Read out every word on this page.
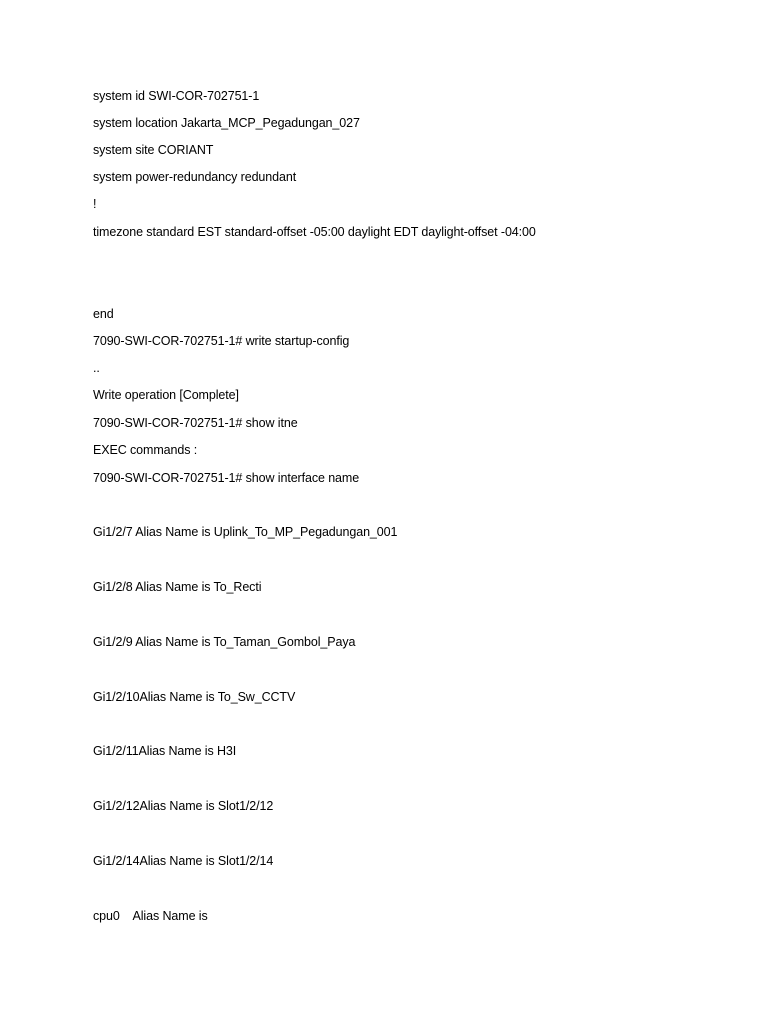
system id SWI-COR-702751-1
system location Jakarta_MCP_Pegadungan_027
system site CORIANT
system power-redundancy redundant
!
timezone standard EST standard-offset -05:00 daylight EDT daylight-offset -04:00
end
7090-SWI-COR-702751-1# write startup-config
..
Write operation [Complete]
7090-SWI-COR-702751-1# show itne
EXEC commands :
7090-SWI-COR-702751-1# show interface name
Gi1/2/7 Alias Name is Uplink_To_MP_Pegadungan_001
Gi1/2/8 Alias Name is To_Recti
Gi1/2/9 Alias Name is To_Taman_Gombol_Paya
Gi1/2/10Alias Name is To_Sw_CCTV
Gi1/2/11Alias Name is H3I
Gi1/2/12Alias Name is Slot1/2/12
Gi1/2/14Alias Name is Slot1/2/14
cpu0    Alias Name is
